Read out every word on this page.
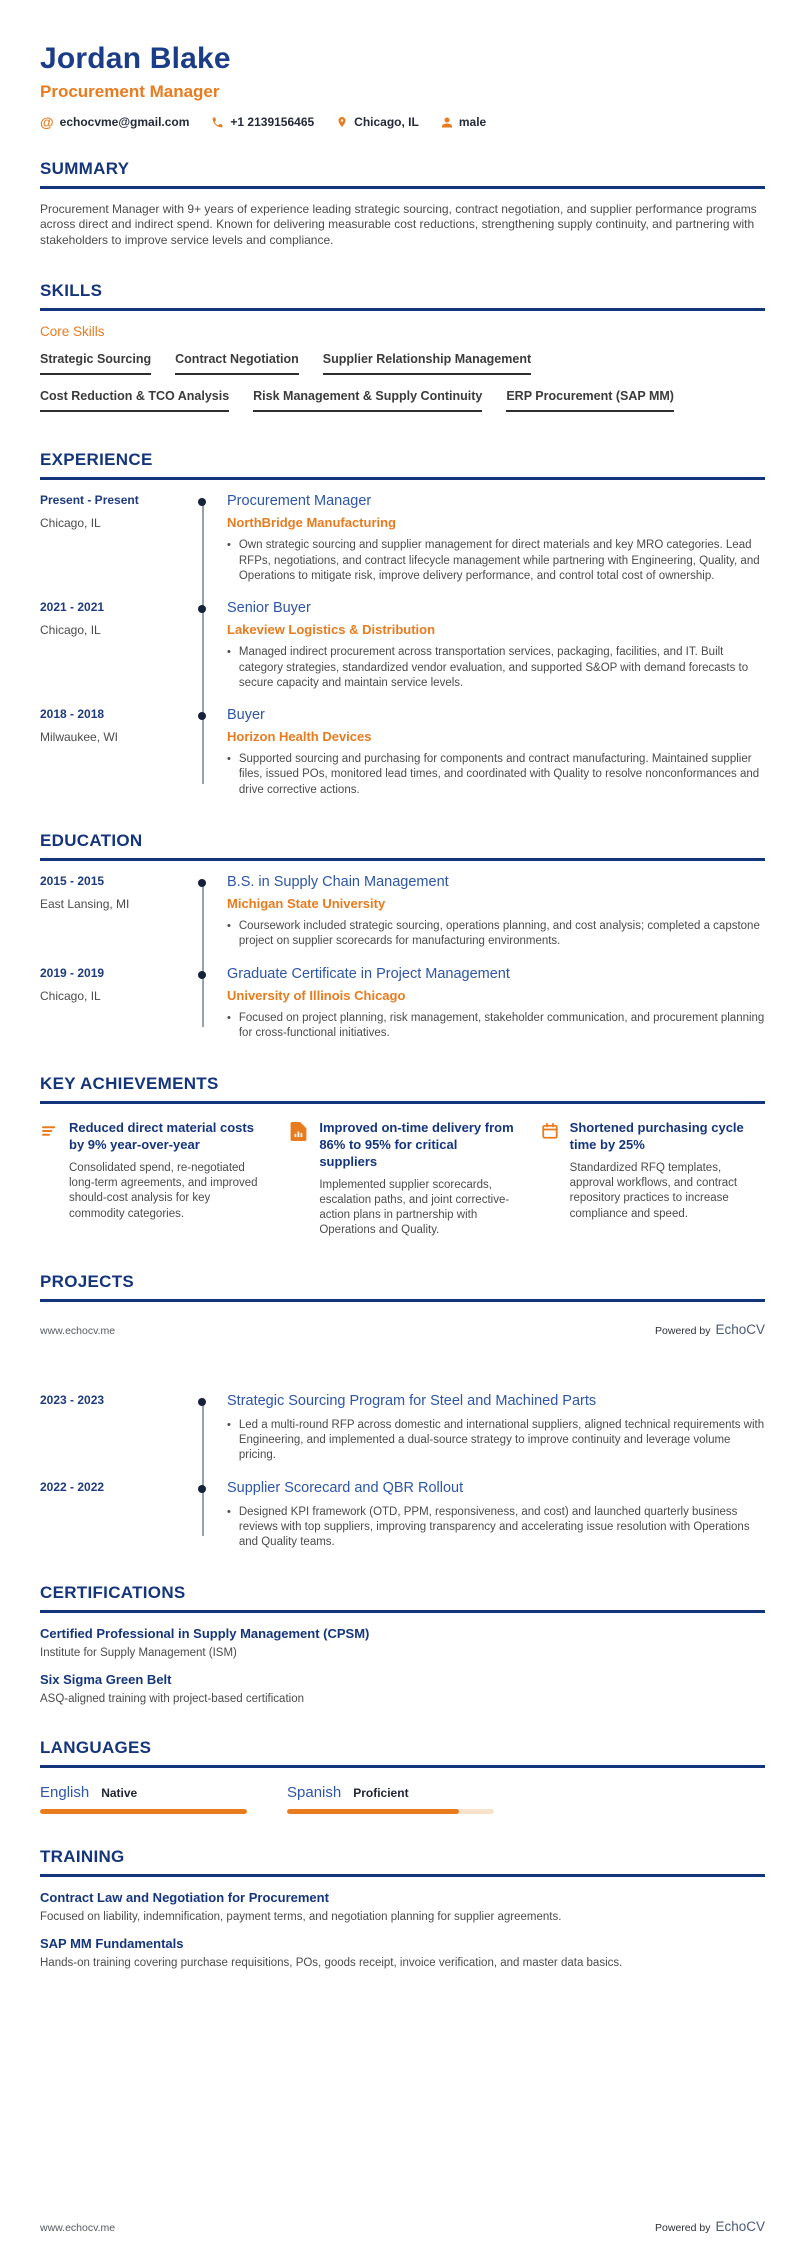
Jordan Blake
Procurement Manager
@ echocvme@gmail.com	+1 2139156465	Chicago, IL	male
SUMMARY
Procurement Manager with 9+ years of experience leading strategic sourcing, contract negotiation, and supplier performance programs across direct and indirect spend. Known for delivering measurable cost reductions, strengthening supply continuity, and partnering with stakeholders to improve service levels and compliance.
SKILLS
Core Skills
Strategic Sourcing Contract Negotiation Supplier Relationship Management
Cost Reduction & TCO Analysis Risk Management & Supply Continuity ERP Procurement (SAP MM)
EXPERIENCE
Present - Present
Chicago, IL
Procurement Manager
NorthBridge Manufacturing
• Own strategic sourcing and supplier management for direct materials and key MRO categories. Lead RFPs, negotiations, and contract lifecycle management while partnering with Engineering, Quality, and Operations to mitigate risk, improve delivery performance, and control total cost of ownership.
2021 - 2021
Chicago, IL
Senior Buyer
Lakeview Logistics & Distribution
• Managed indirect procurement across transportation services, packaging, facilities, and IT. Built category strategies, standardized vendor evaluation, and supported S&OP with demand forecasts to secure capacity and maintain service levels.
2018 - 2018
Milwaukee, WI
Buyer
Horizon Health Devices
• Supported sourcing and purchasing for components and contract manufacturing. Maintained supplier files, issued POs, monitored lead times, and coordinated with Quality to resolve nonconformances and drive corrective actions.
EDUCATION
2015 - 2015
East Lansing, MI
B.S. in Supply Chain Management
Michigan State University
• Coursework included strategic sourcing, operations planning, and cost analysis; completed a capstone project on supplier scorecards for manufacturing environments.
2019 - 2019
Chicago, IL
Graduate Certificate in Project Management
University of Illinois Chicago
• Focused on project planning, risk management, stakeholder communication, and procurement planning for cross-functional initiatives.
KEY ACHIEVEMENTS
Reduced direct material costs by 9% year-over-year
Consolidated spend, re-negotiated long-term agreements, and improved should-cost analysis for key commodity categories.
Improved on-time delivery from 86% to 95% for critical suppliers
Implemented supplier scorecards, escalation paths, and joint corrective-action plans in partnership with Operations and Quality.
Shortened purchasing cycle time by 25%
Standardized RFQ templates, approval workflows, and contract repository practices to increase compliance and speed.
PROJECTS
www.echocv.me	Powered by EchoCV
2023 - 2023	Strategic Sourcing Program for Steel and Machined Parts
• Led a multi-round RFP across domestic and international suppliers, aligned technical requirements with Engineering, and implemented a dual-source strategy to improve continuity and leverage volume pricing.
2022 - 2022	Supplier Scorecard and QBR Rollout
• Designed KPI framework (OTD, PPM, responsiveness, and cost) and launched quarterly business reviews with top suppliers, improving transparency and accelerating issue resolution with Operations and Quality teams.
CERTIFICATIONS
Certified Professional in Supply Management (CPSM)
Institute for Supply Management (ISM)
Six Sigma Green Belt
ASQ-aligned training with project-based certification
LANGUAGES
English Native	Spanish Proficient
TRAINING
Contract Law and Negotiation for Procurement
Focused on liability, indemnification, payment terms, and negotiation planning for supplier agreements.
SAP MM Fundamentals
Hands-on training covering purchase requisitions, POs, goods receipt, invoice verification, and master data basics.
www.echocv.me	Powered by EchoCV
